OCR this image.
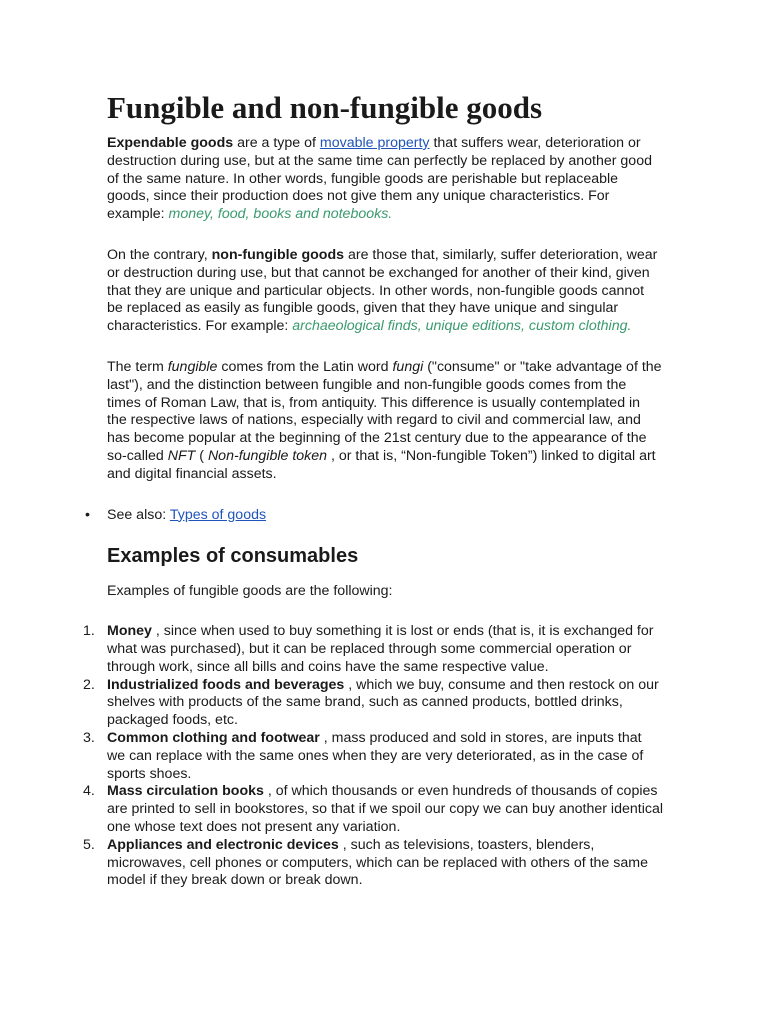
Fungible and non-fungible goods

Expendable goods are a type of movable property that suffers wear, deterioration or destruction during use, but at the same time can perfectly be replaced by another good of the same nature. In other words, fungible goods are perishable but replaceable goods, since their production does not give them any unique characteristics. For example: money, food, books and notebooks.

On the contrary, non-fungible goods are those that, similarly, suffer deterioration, wear or destruction during use, but that cannot be exchanged for another of their kind, given that they are unique and particular objects. In other words, non-fungible goods cannot be replaced as easily as fungible goods, given that they have unique and singular characteristics. For example: archaeological finds, unique editions, custom clothing.

The term fungible comes from the Latin word fungi ("consume" or "take advantage of the last"), and the distinction between fungible and non-fungible goods comes from the times of Roman Law, that is, from antiquity. This difference is usually contemplated in the respective laws of nations, especially with regard to civil and commercial law, and has become popular at the beginning of the 21st century due to the appearance of the so-called NFT ( Non-fungible token , or that is, “Non-fungible Token”) linked to digital art and digital financial assets.

• See also: Types of goods
Examples of consumables

Examples of fungible goods are the following:

1. Money , since when used to buy something it is lost or ends (that is, it is exchanged for what was purchased), but it can be replaced through some commercial operation or through work, since all bills and coins have the same respective value.
2. Industrialized foods and beverages , which we buy, consume and then restock on our shelves with products of the same brand, such as canned products, bottled drinks, packaged foods, etc.
3. Common clothing and footwear , mass produced and sold in stores, are inputs that we can replace with the same ones when they are very deteriorated, as in the case of sports shoes.
4. Mass circulation books , of which thousands or even hundreds of thousands of copies are printed to sell in bookstores, so that if we spoil our copy we can buy another identical one whose text does not present any variation.
5. Appliances and electronic devices , such as televisions, toasters, blenders, microwaves, cell phones or computers, which can be replaced with others of the same model if they break down or break down.
